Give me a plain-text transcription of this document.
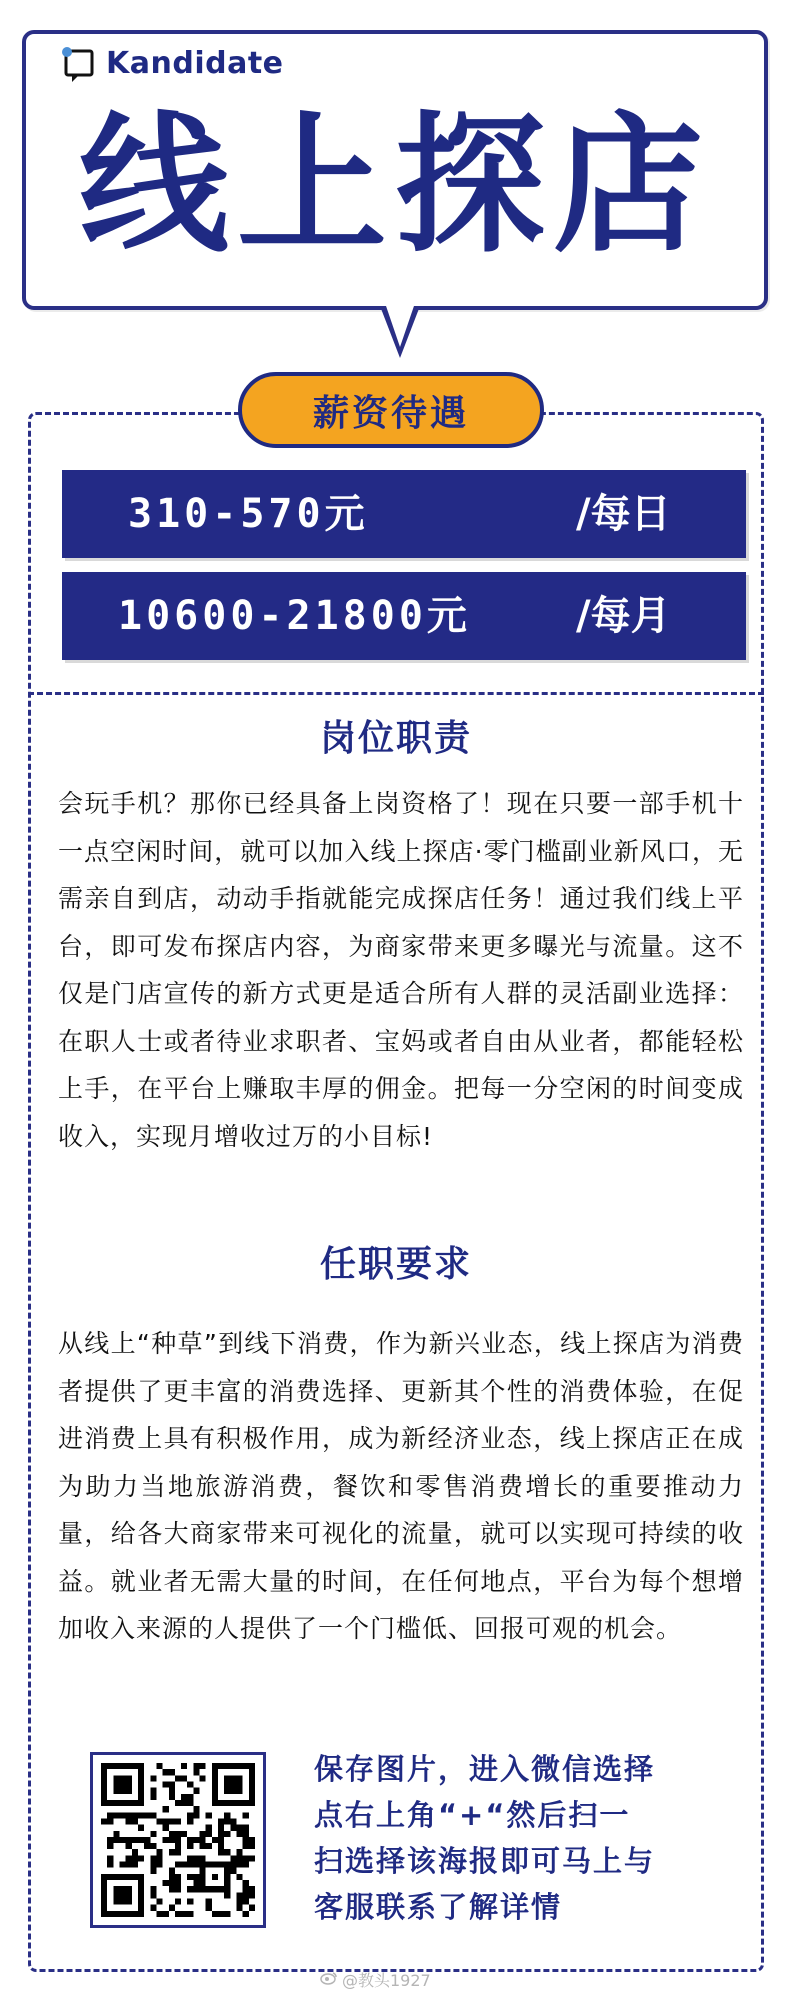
Kandidate
线上探店
薪资待遇
310-570元	/每日
10600-21800元	/每月
岗位职责
会玩手机？那你已经具备上岗资格了！现在只要一部手机十一点空闲时间，就可以加入线上探店·零门槛副业新风口，无需亲自到店，动动手指就能完成探店任务！通过我们线上平台，即可发布探店内容，为商家带来更多曝光与流量。这不仅是门店宣传的新方式更是适合所有人群的灵活副业选择：在职人士或者待业求职者、宝妈或者自由从业者，都能轻松上手，在平台上赚取丰厚的佣金。把每一分空闲的时间变成收入，实现月增收过万的小目标!
任职要求
从线上“种草”到线下消费，作为新兴业态，线上探店为消费者提供了更丰富的消费选择、更新其个性的消费体验，在促进消费上具有积极作用，成为新经济业态，线上探店正在成为助力当地旅游消费，餐饮和零售消费增长的重要推动力量，给各大商家带来可视化的流量，就可以实现可持续的收益。就业者无需大量的时间，在任何地点，平台为每个想增加收入来源的人提供了一个门槛低、回报可观的机会。
保存图片，进入微信选择
点右上角“+“然后扫一
扫选择该海报即可马上与
客服联系了解详情
@教头1927
